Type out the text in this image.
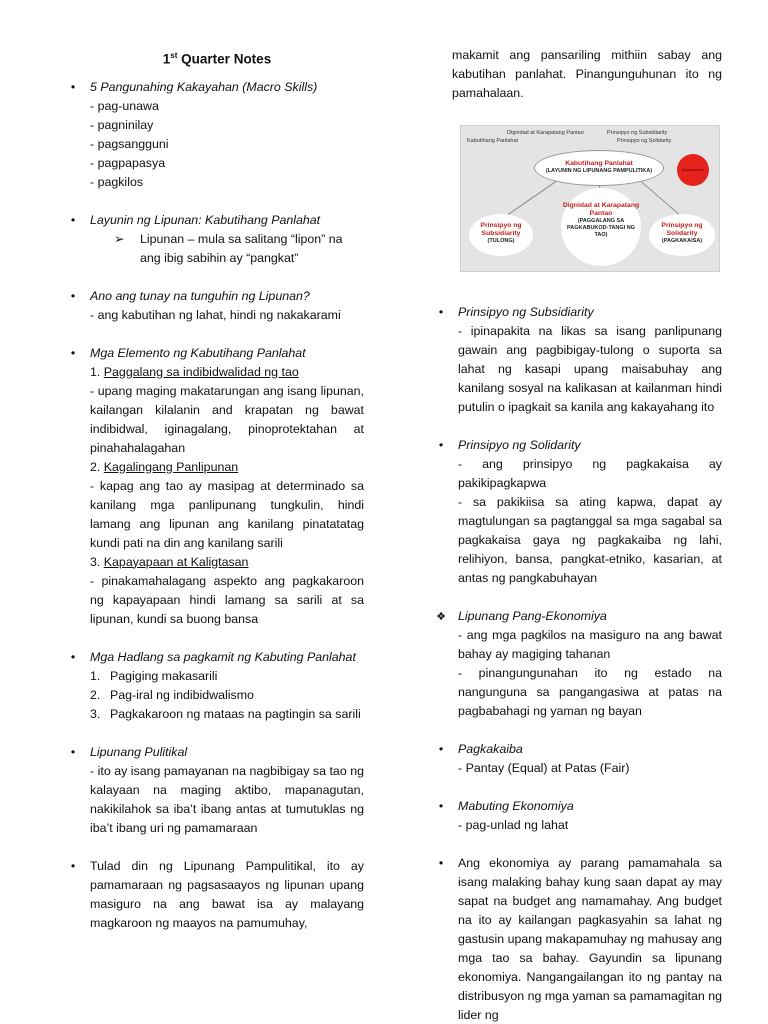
1st Quarter Notes
•
5 Pangunahing Kakayahan (Macro Skills)
- pag-unawa
- pagninilay
- pagsangguni
- pagpapasya
- pagkilos
•
Layunin ng Lipunan: Kabutihang Panlahat
➢ Lipunan – mula sa salitang “lipon” na ang ibig sabihin ay “pangkat”
•
Ano ang tunay na tunguhin ng Lipunan?
- ang kabutihan ng lahat, hindi ng nakakarami
•
Mga Elemento ng Kabutihang Panlahat
1. Paggalang sa indibidwalidad ng tao
- upang maging makatarungan ang isang lipunan, kailangan kilalanin and krapatan ng bawat indibidwal, iginagalang, pinoprotektahan at pinahahalagahan
2. Kagalingang Panlipunan
- kapag ang tao ay masipag at determinado sa kanilang mga panlipunang tungkulin, hindi lamang ang lipunan ang kanilang pinatatatag kundi pati na din ang kanilang sarili
3. Kapayapaan at Kaligtasan
- pinakamahalagang aspekto ang pagkakaroon ng kapayapaan hindi lamang sa sarili at sa lipunan, kundi sa buong bansa
•
Mga Hadlang sa pagkamit ng Kabuting Panlahat
1. Pagiging makasarili
2. Pag-iral ng indibidwalismo
3. Pagkakaroon ng mataas na pagtingin sa sarili
•
Lipunang Pulitikal
- ito ay isang pamayanan na nagbibigay sa tao ng kalayaan na maging aktibo, mapanagutan, nakikilahok sa iba’t ibang antas at tumutuklas ng iba’t ibang uri ng pamamaraan
•
Tulad din ng Lipunang Pampulitikal, ito ay pamamaraan ng pagsasaayos ng lipunan upang masiguro na ang bawat isa ay malayang magkaroon ng maayos na pamumuhay,
makamit ang pansariling mithiin sabay ang kabutihan panlahat. Pinangunguhunan ito ng pamahalaan.
Dignidad at Karapatang Pantao
Kabutihang Panlahat
Prinsipyo ng Subsidiarity
Prinsipyo ng Solidarity
Kabutihang Panlahat
(LAYUNIN NG LIPUNANG PAMPULITIKA)
Dignidad at Karapatang Pantao
(PAGGALANG SA PAGKABUKOD-TANGI NG TAO)
Prinsipyo ng Subsidiarity
(TULONG)
Prinsipyo ng Solidarity
(PAGKAKAISA)
Kapayapaan
•
Prinsipyo ng Subsidiarity
- ipinapakita na likas sa isang panlipunang gawain ang pagbibigay-tulong o suporta sa lahat ng kasapi upang maisabuhay ang kanilang sosyal na kalikasan at kailanman hindi putulin o ipagkait sa kanila ang kakayahang ito
•
Prinsipyo ng Solidarity
- ang prinsipyo ng pagkakaisa ay pakikipagkapwa
- sa pakikiisa sa ating kapwa, dapat ay magtulungan sa pagtanggal sa mga sagabal sa pagkakaisa gaya ng pagkakaiba ng lahi, relihiyon, bansa, pangkat-etniko, kasarian, at antas ng pangkabuhayan
❖
Lipunang Pang-Ekonomiya
- ang mga pagkilos na masiguro na ang bawat bahay ay magiging tahanan
- pinangungunahan ito ng estado na nangunguna sa pangangasiwa at patas na pagbabahagi ng yaman ng bayan
•
Pagkakaiba
- Pantay (Equal) at Patas (Fair)
•
Mabuting Ekonomiya
- pag-unlad ng lahat
•
Ang ekonomiya ay parang pamamahala sa isang malaking bahay kung saan dapat ay may sapat na budget ang namamahay. Ang budget na ito ay kailangan pagkasyahin sa lahat ng gastusin upang makapamuhay ng mahusay ang mga tao sa bahay. Gayundin sa lipunang ekonomiya. Nangangailangan ito ng pantay na distribusyon ng mga yaman sa pamamagitan ng lider ng
